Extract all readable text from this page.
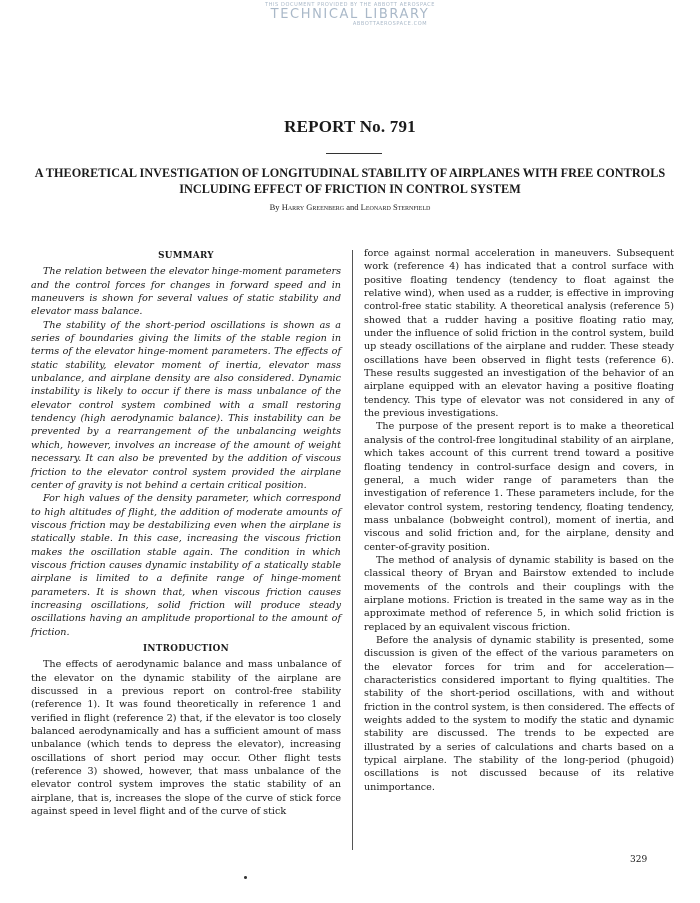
THIS DOCUMENT PROVIDED BY THE ABBOTT AEROSPACE
TECHNICAL LIBRARY
ABBOTTAEROSPACE.COM
REPORT No. 791
A THEORETICAL INVESTIGATION OF LONGITUDINAL STABILITY OF AIRPLANES WITH FREE CONTROLS INCLUDING EFFECT OF FRICTION IN CONTROL SYSTEM
By Harry Greenberg and Leonard Sternfield
SUMMARY

The relation between the elevator hinge-moment parameters and the control forces for changes in forward speed and in maneuvers is shown for several values of static stability and elevator mass balance.

The stability of the short-period oscillations is shown as a series of boundaries giving the limits of the stable region in terms of the elevator hinge-moment parameters. The effects of static stability, elevator moment of inertia, elevator mass unbalance, and airplane density are also considered. Dynamic instability is likely to occur if there is mass unbalance of the elevator control system combined with a small restoring tendency (high aerodynamic balance). This instability can be prevented by a rearrangement of the unbalancing weights which, however, involves an increase of the amount of weight necessary. It can also be prevented by the addition of viscous friction to the elevator control system provided the airplane center of gravity is not behind a certain critical position.

For high values of the density parameter, which correspond to high altitudes of flight, the addition of moderate amounts of viscous friction may be destabilizing even when the airplane is statically stable. In this case, increasing the viscous friction makes the oscillation stable again. The condition in which viscous friction causes dynamic instability of a statically stable airplane is limited to a definite range of hinge-moment parameters. It is shown that, when viscous friction causes increasing oscillations, solid friction will produce steady oscillations having an amplitude proportional to the amount of friction.

INTRODUCTION

The effects of aerodynamic balance and mass unbalance of the elevator on the dynamic stability of the airplane are discussed in a previous report on control-free stability (reference 1). It was found theoretically in reference 1 and verified in flight (reference 2) that, if the elevator is too closely balanced aerodynamically and has a sufficient amount of mass unbalance (which tends to depress the elevator), increasing oscillations of short period may occur. Other flight tests (reference 3) showed, however, that mass unbalance of the elevator control system improves the static stability of an airplane, that is, increases the slope of the curve of stick force against speed in level flight and of the curve of stick

force against normal acceleration in maneuvers. Subsequent work (reference 4) has indicated that a control surface with positive floating tendency (tendency to float against the relative wind), when used as a rudder, is effective in improving control-free static stability. A theoretical analysis (reference 5) showed that a rudder having a positive floating ratio may, under the influence of solid friction in the control system, build up steady oscillations of the airplane and rudder. These steady oscillations have been observed in flight tests (reference 6). These results suggested an investigation of the behavior of an airplane equipped with an elevator having a positive floating tendency. This type of elevator was not considered in any of the previous investigations.

The purpose of the present report is to make a theoretical analysis of the control-free longitudinal stability of an airplane, which takes account of this current trend toward a positive floating tendency in control-surface design and covers, in general, a much wider range of parameters than the investigation of reference 1. These parameters include, for the elevator control system, restoring tendency, floating tendency, mass unbalance (bobweight control), moment of inertia, and viscous and solid friction and, for the airplane, density and center-of-gravity position.

The method of analysis of dynamic stability is based on the classical theory of Bryan and Bairstow extended to include movements of the controls and their couplings with the airplane motions. Friction is treated in the same way as in the approximate method of reference 5, in which solid friction is replaced by an equivalent viscous friction.

Before the analysis of dynamic stability is presented, some discussion is given of the effect of the various parameters on the elevator forces for trim and for acceleration—characteristics considered important to flying qualtities. The stability of the short-period oscillations, with and without friction in the control system, is then considered. The effects of weights added to the system to modify the static and dynamic stability are discussed. The trends to be expected are illustrated by a series of calculations and charts based on a typical airplane. The stability of the long-period (phugoid) oscillations is not discussed because of its relative unimportance.

329
